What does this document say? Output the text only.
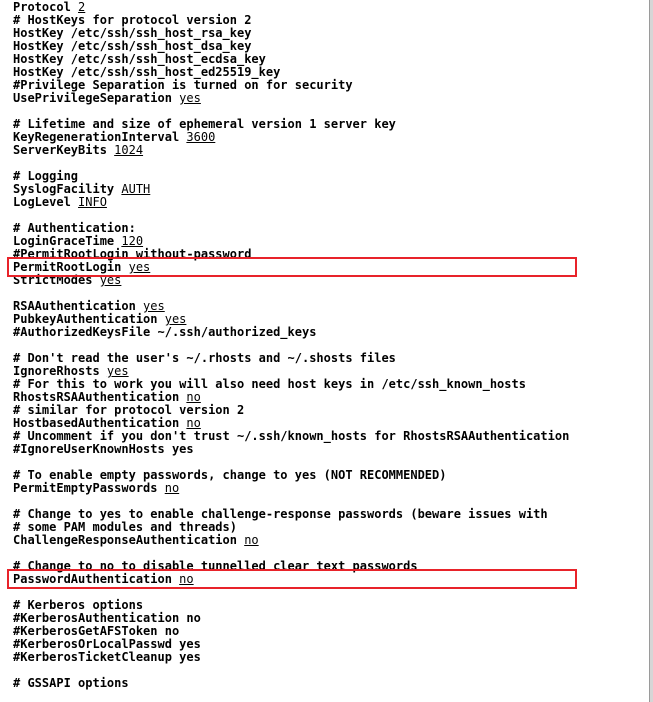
Protocol 2
# HostKeys for protocol version 2
HostKey /etc/ssh/ssh_host_rsa_key
HostKey /etc/ssh/ssh_host_dsa_key
HostKey /etc/ssh/ssh_host_ecdsa_key
HostKey /etc/ssh/ssh_host_ed25519_key
#Privilege Separation is turned on for security
UsePrivilegeSeparation yes

# Lifetime and size of ephemeral version 1 server key
KeyRegenerationInterval 3600
ServerKeyBits 1024

# Logging
SyslogFacility AUTH
LogLevel INFO

# Authentication:
LoginGraceTime 120
#PermitRootLogin without-password
PermitRootLogin yes
StrictModes yes

RSAAuthentication yes
PubkeyAuthentication yes
#AuthorizedKeysFile ~/.ssh/authorized_keys

# Don't read the user's ~/.rhosts and ~/.shosts files
IgnoreRhosts yes
# For this to work you will also need host keys in /etc/ssh_known_hosts
RhostsRSAAuthentication no
# similar for protocol version 2
HostbasedAuthentication no
# Uncomment if you don't trust ~/.ssh/known_hosts for RhostsRSAAuthentication
#IgnoreUserKnownHosts yes

# To enable empty passwords, change to yes (NOT RECOMMENDED)
PermitEmptyPasswords no

# Change to yes to enable challenge-response passwords (beware issues with
# some PAM modules and threads)
ChallengeResponseAuthentication no

# Change to no to disable tunnelled clear text passwords
PasswordAuthentication no

# Kerberos options
#KerberosAuthentication no
#KerberosGetAFSToken no
#KerberosOrLocalPasswd yes
#KerberosTicketCleanup yes

# GSSAPI options
